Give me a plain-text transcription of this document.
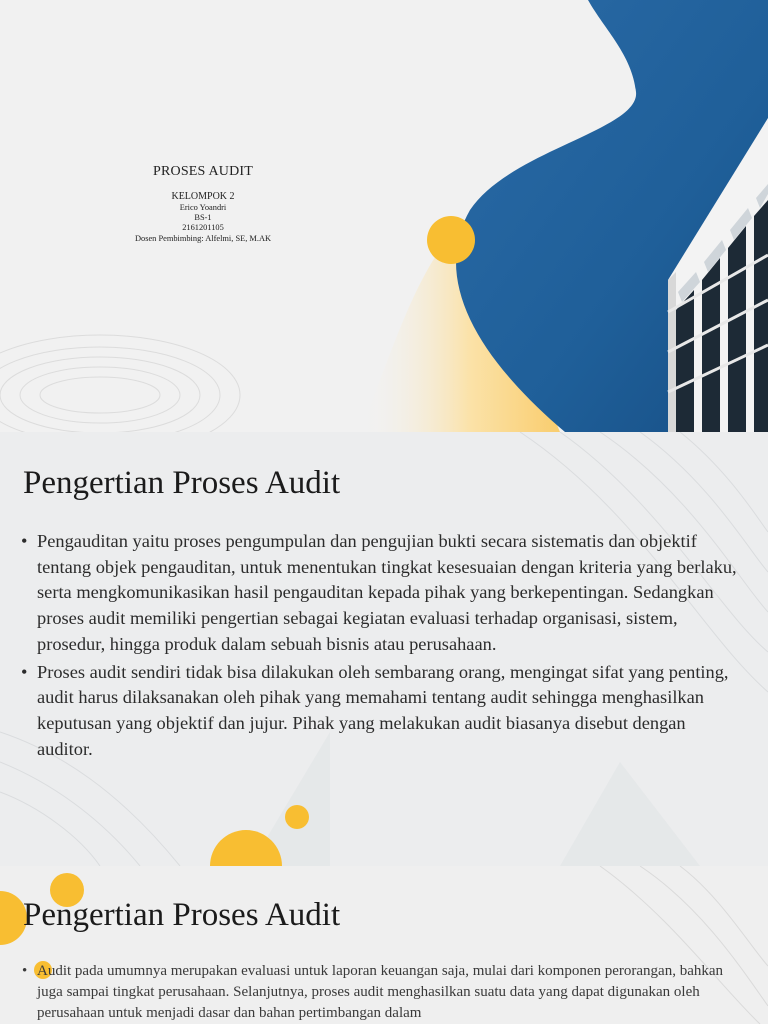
PROSES AUDIT
KELOMPOK 2
Erico Yoandri
BS-1
2161201105
Dosen Pembimbing: Alfelmi, SE, M.AK
Pengertian Proses Audit
• Pengauditan yaitu proses pengumpulan dan pengujian bukti secara sistematis dan objektif tentang objek pengauditan, untuk menentukan tingkat kesesuaian dengan kriteria yang berlaku, serta mengkomunikasikan hasil pengauditan kepada pihak yang berkepentingan. Sedangkan proses audit memiliki pengertian sebagai kegiatan evaluasi terhadap organisasi, sistem, prosedur, hingga produk dalam sebuah bisnis atau perusahaan.
• Proses audit sendiri tidak bisa dilakukan oleh sembarang orang, mengingat sifat yang penting, audit harus dilaksanakan oleh pihak yang memahami tentang audit sehingga menghasilkan keputusan yang objektif dan jujur. Pihak yang melakukan audit biasanya disebut dengan auditor.
Pengertian Proses Audit
• Audit pada umumnya merupakan evaluasi untuk laporan keuangan saja, mulai dari komponen perorangan, bahkan juga sampai tingkat perusahaan. Selanjutnya, proses audit menghasilkan suatu data yang dapat digunakan oleh perusahaan untuk menjadi dasar dan bahan pertimbangan dalam
